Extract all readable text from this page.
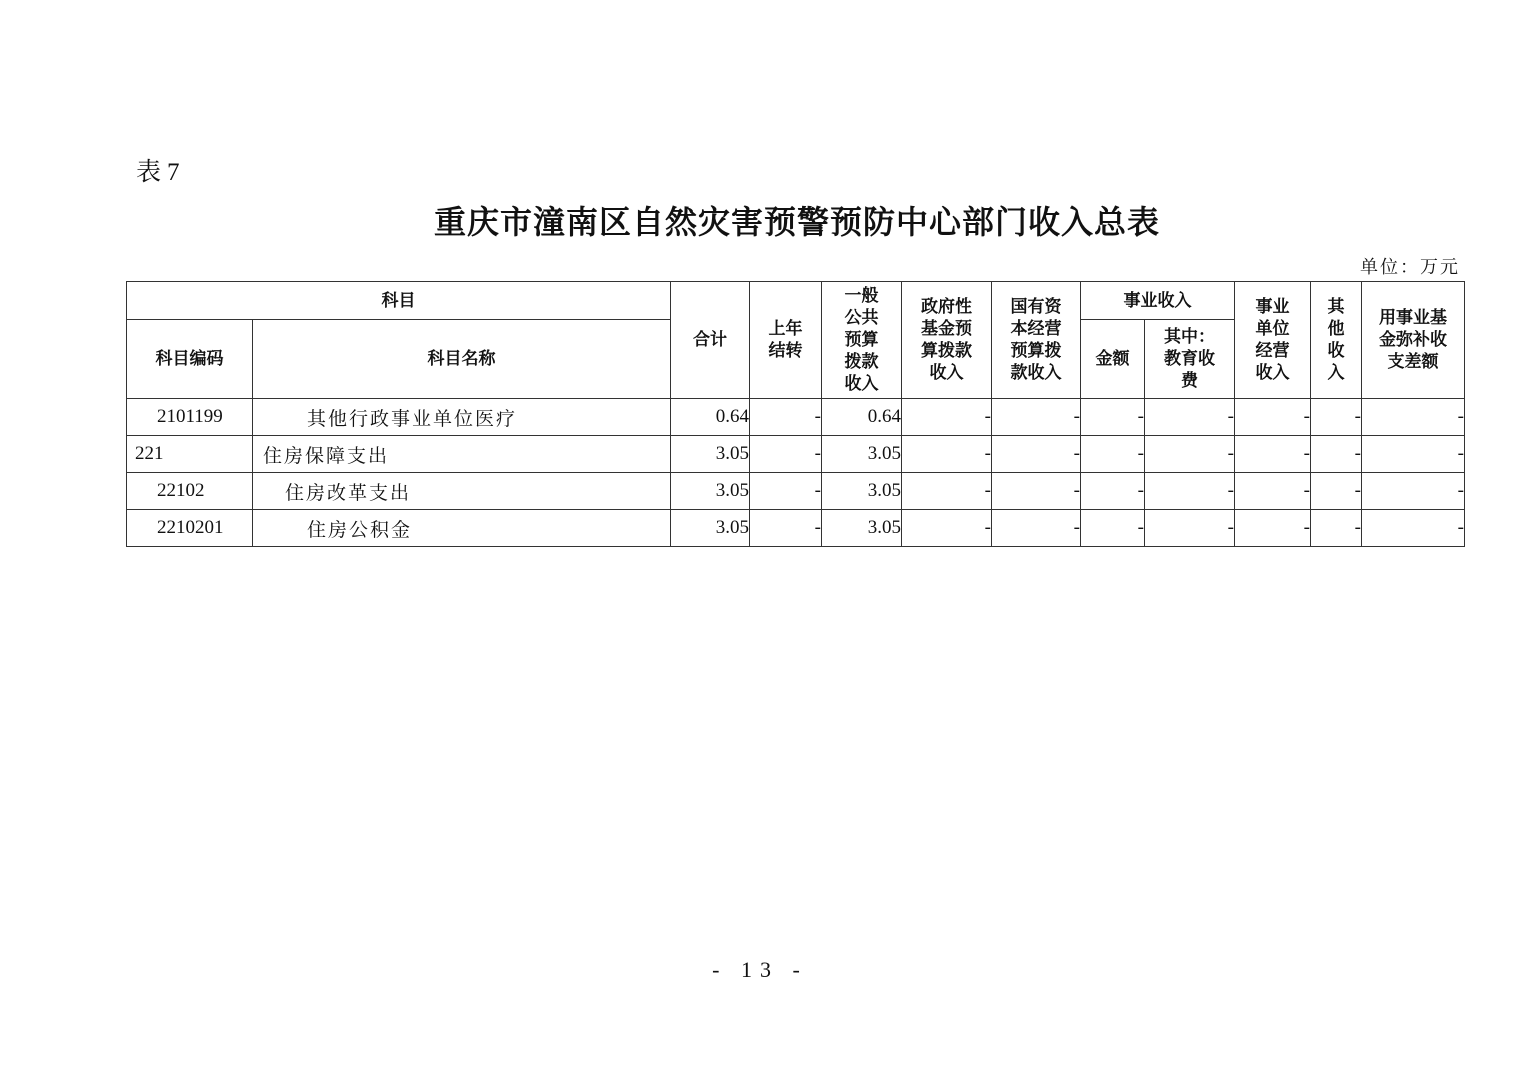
表 7
重庆市潼南区自然灾害预警预防中心部门收入总表
单位：万元
科目		合计	上年结转	一般公共预算拨款收入	政府性基金预算拨款收入	国有资本经营预算拨款收入	事业收入		事业单位经营收入	其他收入	用事业基金弥补收支差额

科目编码	科目名称						金额	其中：教育收费			

2101199	其他行政事业单位医疗	0.64	-	0.64	-	-	-	-	-	-	-
221	住房保障支出	3.05	-	3.05	-	-	-	-	-	-	-
22102	住房改革支出	3.05	-	3.05	-	-	-	-	-	-	-
2210201	住房公积金	3.05	-	3.05	-	-	-	-	-	-	-
- 13 -
